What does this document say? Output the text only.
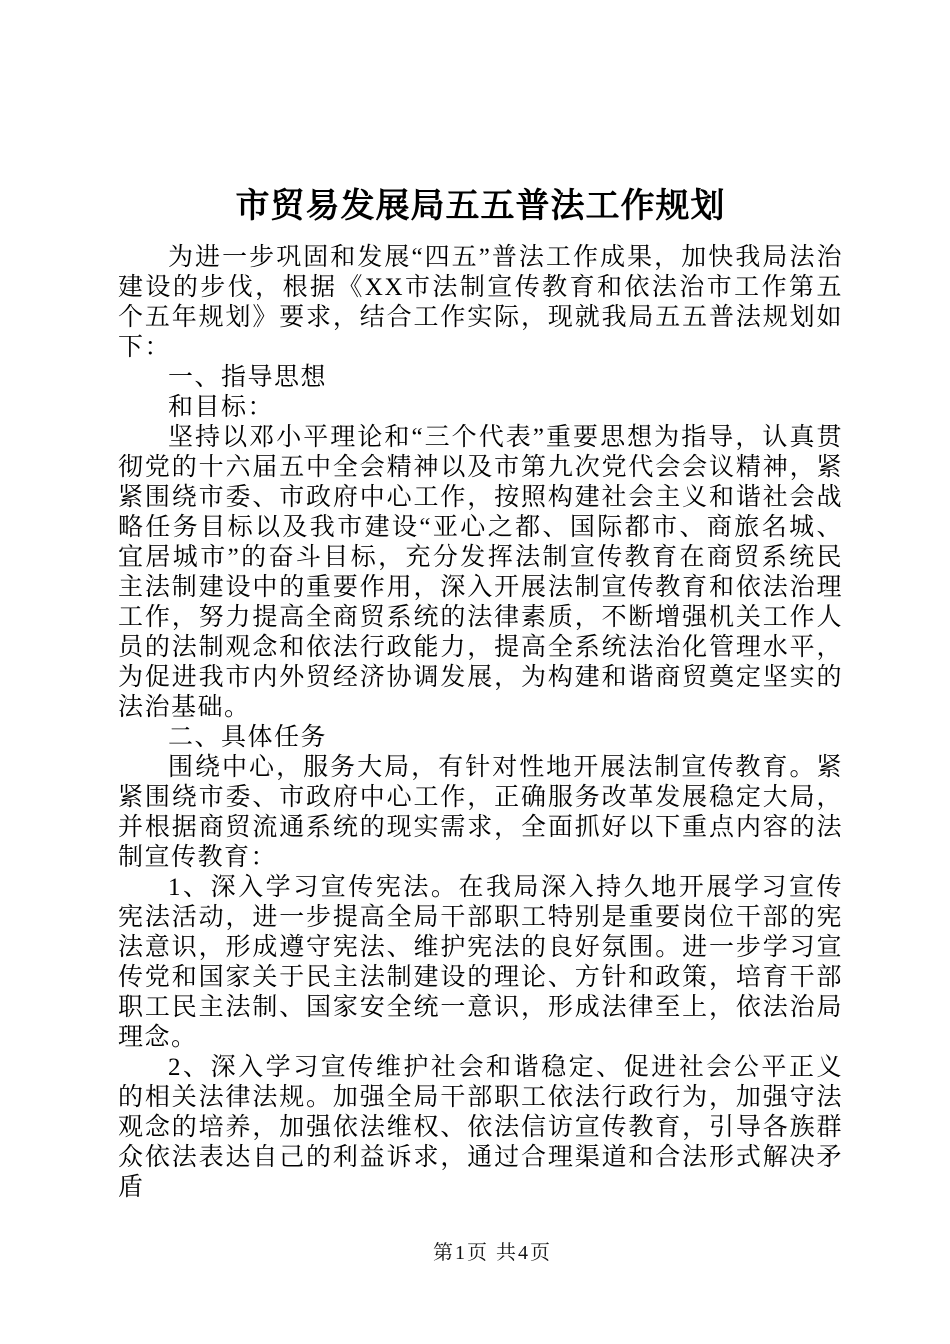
市贸易发展局五五普法工作规划

为进一步巩固和发展“四五”普法工作成果，加快我局法治建设的步伐，根据《XX市法制宣传教育和依法治市工作第五个五年规划》要求，结合工作实际，现就我局五五普法规划如下：

一、指导思想

和目标：

坚持以邓小平理论和“三个代表”重要思想为指导，认真贯彻党的十六届五中全会精神以及市第九次党代会会议精神，紧紧围绕市委、市政府中心工作，按照构建社会主义和谐社会战略任务目标以及我市建设“亚心之都、国际都市、商旅名城、宜居城市”的奋斗目标，充分发挥法制宣传教育在商贸系统民主法制建设中的重要作用，深入开展法制宣传教育和依法治理工作，努力提高全商贸系统的法律素质，不断增强机关工作人员的法制观念和依法行政能力，提高全系统法治化管理水平，为促进我市内外贸经济协调发展，为构建和谐商贸奠定坚实的法治基础。

二、具体任务

围绕中心，服务大局，有针对性地开展法制宣传教育。紧紧围绕市委、市政府中心工作，正确服务改革发展稳定大局，并根据商贸流通系统的现实需求，全面抓好以下重点内容的法制宣传教育：

1、深入学习宣传宪法。在我局深入持久地开展学习宣传宪法活动，进一步提高全局干部职工特别是重要岗位干部的宪法意识，形成遵守宪法、维护宪法的良好氛围。进一步学习宣传党和国家关于民主法制建设的理论、方针和政策，培育干部职工民主法制、国家安全统一意识，形成法律至上，依法治局理念。

2、深入学习宣传维护社会和谐稳定、促进社会公平正义的相关法律法规。加强全局干部职工依法行政行为，加强守法观念的培养，加强依法维权、依法信访宣传教育，引导各族群众依法表达自己的利益诉求，通过合理渠道和合法形式解决矛盾

第1页 共4页
